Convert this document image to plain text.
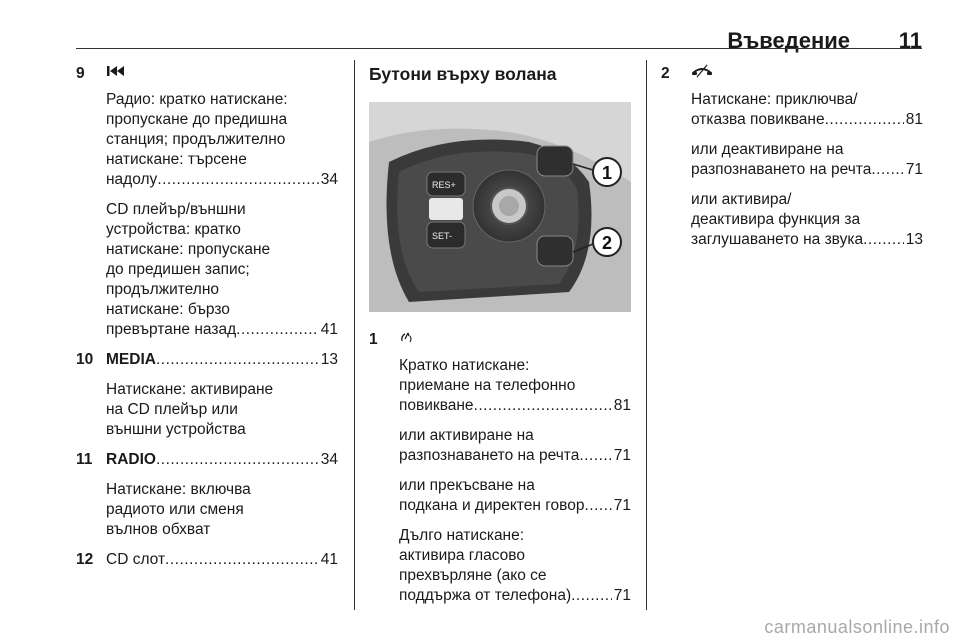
Въведение 11
9
Радио: кратко натискане:
пропускане до предишна
станция; продължително
натискане: търсене
надолу .....	34
CD плейър/външни
устройства: кратко
натискане: пропускане
до предишен запис;
продължително
натискане: бързо
превъртане назад .....	41
10 MEDIA .....	13
Натискане: активиране
на CD плейър или
външни устройства
11 RADIO .....	34
Натискане: включва
радиото или сменя
вълнов обхват
12 CD слот .....	41
Бутони върху волана
RES+
SET-
1
2
1
Кратко натискане:
приемане на телефонно
повикване .....	81
или активиране на
разпознаването на речта ..... 71
или прекъсване на
подкана и директен говор ..... 71
Дълго натискане:
активира гласово
прехвърляне (ако се
поддържа от телефона) .....	71
2
Натискане: приключва/
отказва повикване .....	81
или деактивиране на
разпознаването на речта ..... 71
или активира/
деактивира функция за
заглушаването на звука .....	13
carmanualsonline.info
